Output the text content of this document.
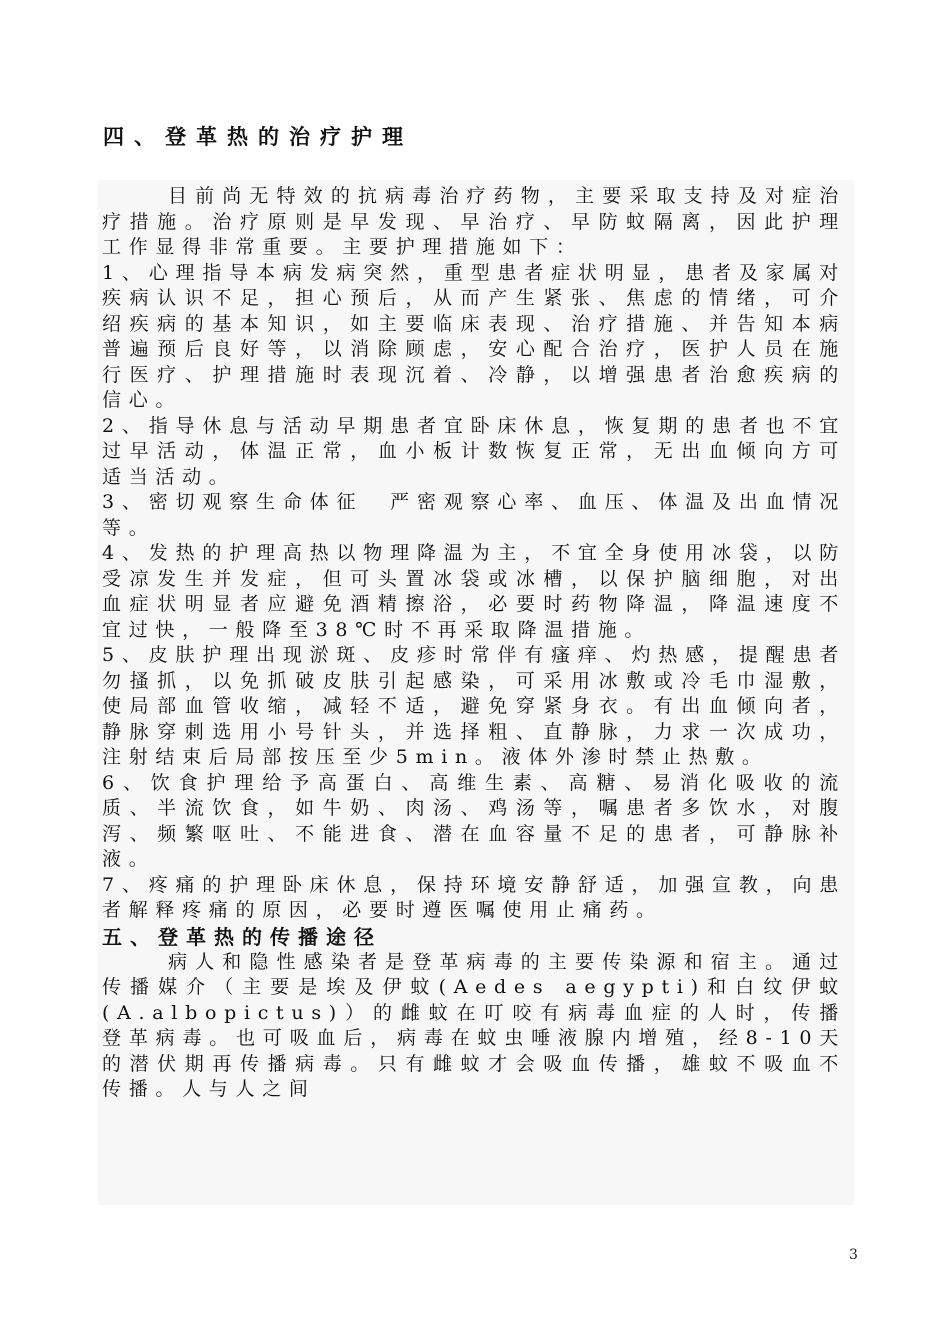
四、登革热的治疗护理

目前尚无特效的抗病毒治疗药物，主要采取支持及对症治疗措施。治疗原则是早发现、早治疗、早防蚊隔离，因此护理工作显得非常重要。主要护理措施如下：

1、心理指导本病发病突然，重型患者症状明显，患者及家属对疾病认识不足，担心预后，从而产生紧张、焦虑的情绪，可介绍疾病的基本知识，如主要临床表现、治疗措施、并告知本病普遍预后良好等，以消除顾虑，安心配合治疗，医护人员在施行医疗、护理措施时表现沉着、冷静，以增强患者治愈疾病的信心。

2、指导休息与活动早期患者宜卧床休息，恢复期的患者也不宜过早活动，体温正常，血小板计数恢复正常，无出血倾向方可适当活动。

3、密切观察生命体征　严密观察心率、血压、体温及出血情况等。

4、发热的护理高热以物理降温为主，不宜全身使用冰袋，以防受凉发生并发症，但可头置冰袋或冰槽，以保护脑细胞，对出血症状明显者应避免酒精擦浴，必要时药物降温，降温速度不宜过快，一般降至38℃时不再采取降温措施。

5、皮肤护理出现淤斑、皮疹时常伴有瘙痒、灼热感，提醒患者勿搔抓，以免抓破皮肤引起感染，可采用冰敷或冷毛巾湿敷，使局部血管收缩，减轻不适，避免穿紧身衣。有出血倾向者，静脉穿刺选用小号针头，并选择粗、直静脉，力求一次成功，注射结束后局部按压至少5min。液体外渗时禁止热敷。

6、饮食护理给予高蛋白、高维生素、高糖、易消化吸收的流质、半流饮食，如牛奶、肉汤、鸡汤等，嘱患者多饮水，对腹泻、频繁呕吐、不能进食、潜在血容量不足的患者，可静脉补液。

7、疼痛的护理卧床休息，保持环境安静舒适，加强宣教，向患者解释疼痛的原因，必要时遵医嘱使用止痛药。

五、登革热的传播途径

病人和隐性感染者是登革病毒的主要传染源和宿主。通过传播媒介（主要是埃及伊蚊(Aedes aegypti)和白纹伊蚊(A.albopictus)）的雌蚊在叮咬有病毒血症的人时，传播登革病毒。也可吸血后，病毒在蚊虫唾液腺内增殖，经8-10天的潜伏期再传播病毒。只有雌蚊才会吸血传播，雄蚊不吸血不传播。人与人之间

3
